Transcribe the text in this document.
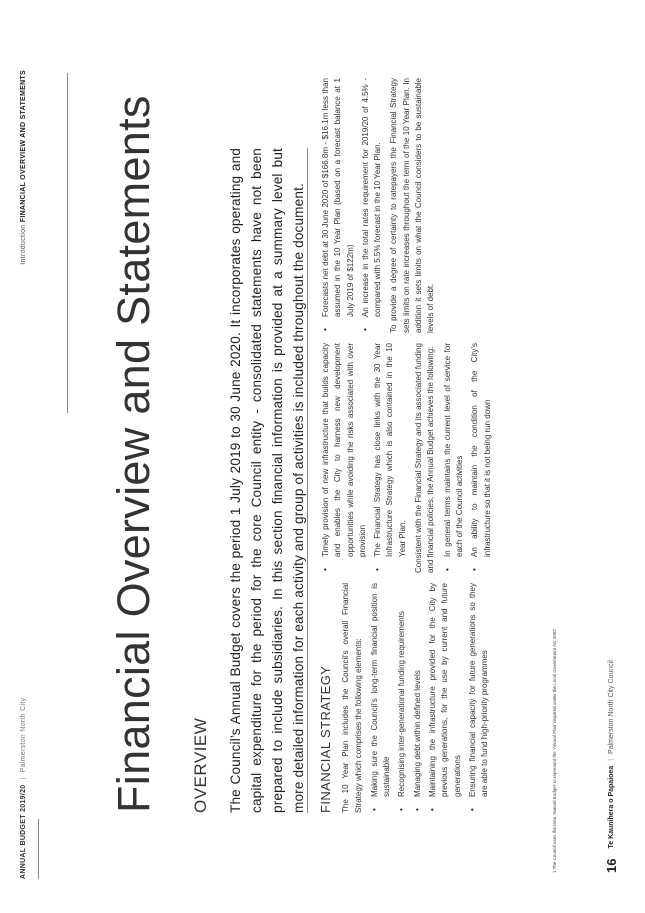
ANNUAL BUDGET 2019/20|Palmerston North City
Introduction FINANCIAL OVERVIEW AND STATEMENTS Financial Overview and Statements OVERVIEW The Council’s Annual Budget covers the period 1 July 2019 to 30 June 2020. It incorporates operating and capital expenditure for the period for the core Council entity - consolidated statements have not been prepared to include subsidiaries. In this section financial information is provided at a summary level but more detailed information for each activity and group of activities is included throughout the document. FINANCIAL STRATEGY The 10 Year Plan includes the Council’s overall Financial Strategy which comprises the following elements: •
Making sure the Council’s long-term financial position is sustainable
•
Recognising inter-generational funding requirements
•
Managing debt within defined levels
•
Maintaining the infrastructure provided for the City by previous generations, for the use by current and future generations
•
Ensuring financial capacity for future generations so they are able to fund high-priority programmes
•
Timely provision of new infrastructure that builds capacity and enables the City to harness new development opportunities while avoiding the risks associated with over provision
•
The Financial Strategy has close links with the 30 Year Infrastructure Strategy which is also contained in the 10 Year Plan. Consistent with the Financial Strategy and its associated funding and financial policies, the Annual Budget achieves the following: •
In general terms maintains the current level of service for each of the Council activities
•
An ability to maintain the condition of the City’s infrastructure so that it is not being run down
•
Forecasts net debt at 30 June 2020 of $166.8m - $16.1m less than assumed in the 10 Year Plan (based on a forecast balance at 1 July 2019 of $122m)
•
An increase in the total rates requirement for 2019/20 of 4.5% - compared with 5.5% forecast in the 10 Year Plan. To provide a degree of certainty to ratepayers the Financial Strategy sets limits on rate increases throughout the term of the 10 Year Plan. In addition it sets limits on what the Council considers to be sustainable levels of debt.

1 The Council uses the term ‘Annual Budget’ to represent the ‘Annual Plan’ required under the Local Government Act 2002	16
Te Kaunihera o Papaioea
|
Palmerston North City Council
